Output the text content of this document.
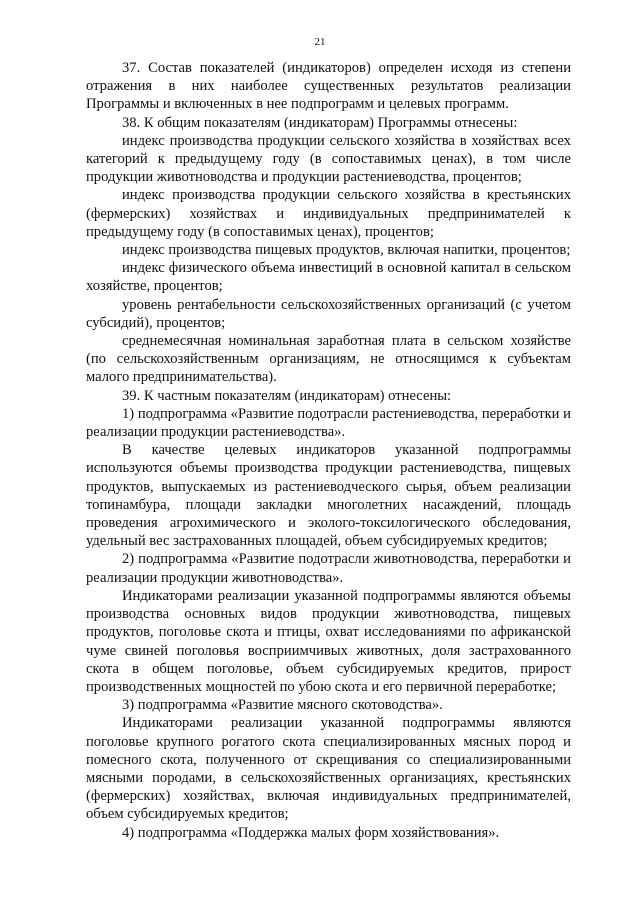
21

37. Состав показателей (индикаторов) определен исходя из степени отражения в них наиболее существенных результатов реализации Программы и включенных в нее подпрограмм и целевых программ.

38. К общим показателям (индикаторам) Программы отнесены:

индекс производства продукции сельского хозяйства в хозяйствах всех категорий к предыдущему году (в сопоставимых ценах), в том числе продукции животноводства и продукции растениеводства, процентов;

индекс производства продукции сельского хозяйства в крестьянских (фермерских) хозяйствах и индивидуальных предпринимателей к предыдущему году (в сопоставимых ценах), процентов;

индекс производства пищевых продуктов, включая напитки, процентов;

индекс физического объема инвестиций в основной капитал в сельском хозяйстве, процентов;

уровень рентабельности сельскохозяйственных организаций (с учетом субсидий), процентов;

среднемесячная номинальная заработная плата в сельском хозяйстве (по сельскохозяйственным организациям, не относящимся к субъектам малого предпринимательства).

39. К частным показателям (индикаторам) отнесены:

1) подпрограмма «Развитие подотрасли растениеводства, переработки и реализации продукции растениеводства».

В качестве целевых индикаторов указанной подпрограммы используются объемы производства продукции растениеводства, пищевых продуктов, выпускаемых из растениеводческого сырья, объем реализации топинамбура, площади закладки многолетних насаждений, площадь проведения агрохимического и эколого-токсилогического обследования, удельный вес застрахованных площадей, объем субсидируемых кредитов;

2) подпрограмма «Развитие подотрасли животноводства, переработки и реализации продукции животноводства».

Индикаторами реализации указанной подпрограммы являются объемы производства основных видов продукции животноводства, пищевых продуктов, поголовье скота и птицы, охват исследованиями по африканской чуме свиней поголовья восприимчивых животных, доля застрахованного скота в общем поголовье, объем субсидируемых кредитов, прирост производственных мощностей по убою скота и его первичной переработке;

3) подпрограмма «Развитие мясного скотоводства».

Индикаторами реализации указанной подпрограммы являются поголовье крупного рогатого скота специализированных мясных пород и помесного скота, полученного от скрещивания со специализированными мясными породами, в сельскохозяйственных организациях, крестьянских (фермерских) хозяйствах, включая индивидуальных предпринимателей, объем субсидируемых кредитов;

4) подпрограмма «Поддержка малых форм хозяйствования».
